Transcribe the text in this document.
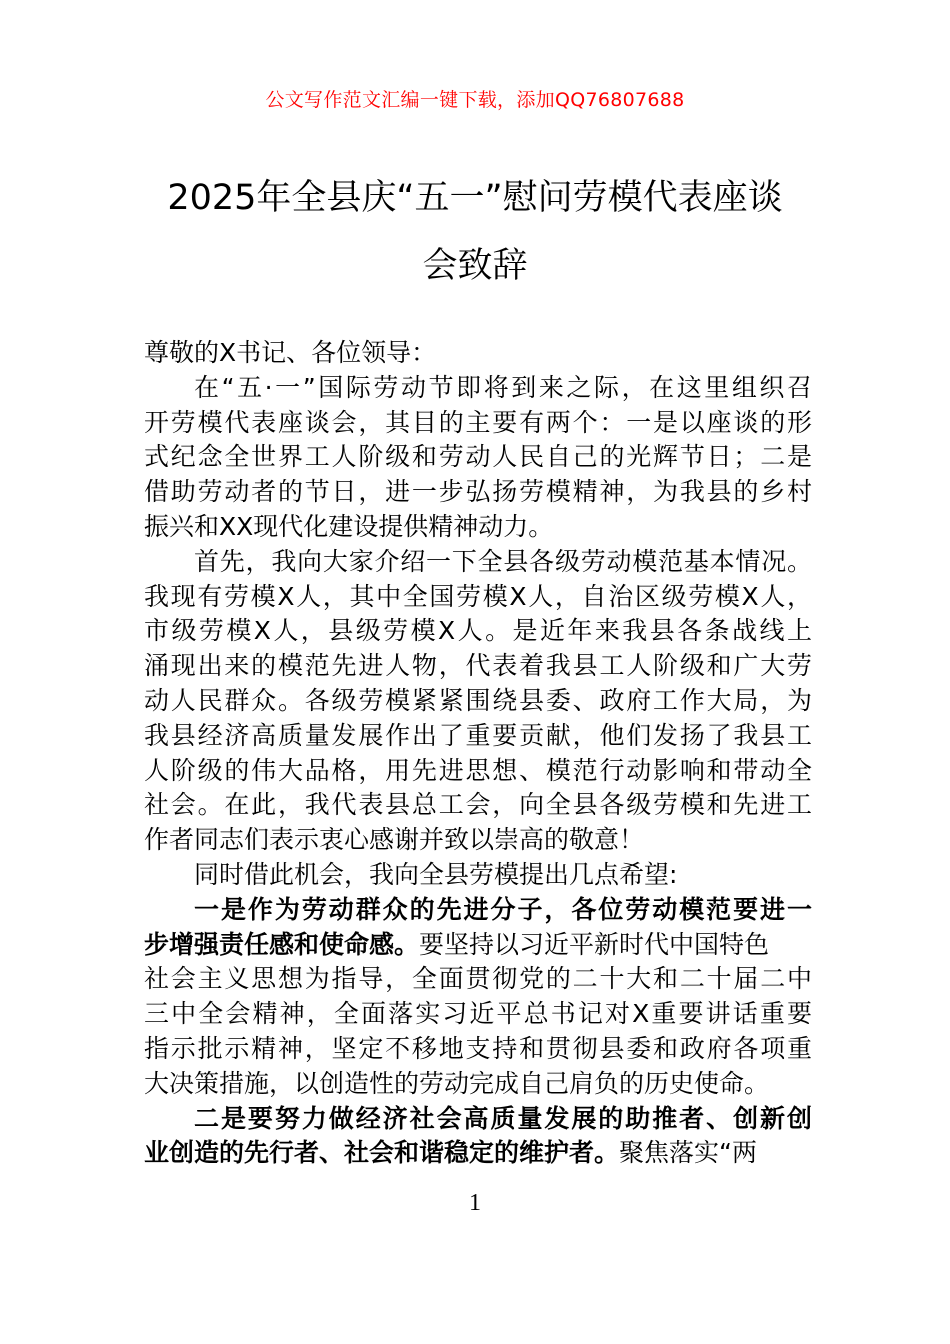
公文写作范文汇编一键下载，添加QQ76807688
2025年全县庆“五一”慰问劳模代表座谈
会致辞
尊敬的X书记、各位领导：
在“五·一”国际劳动节即将到来之际，在这里组织召
开劳模代表座谈会，其目的主要有两个：一是以座谈的形
式纪念全世界工人阶级和劳动人民自己的光辉节日；二是
借助劳动者的节日，进一步弘扬劳模精神，为我县的乡村
振兴和XX现代化建设提供精神动力。
首先，我向大家介绍一下全县各级劳动模范基本情况。
我现有劳模X人，其中全国劳模X人，自治区级劳模X人，
市级劳模X人，县级劳模X人。是近年来我县各条战线上
涌现出来的模范先进人物，代表着我县工人阶级和广大劳
动人民群众。各级劳模紧紧围绕县委、政府工作大局，为
我县经济高质量发展作出了重要贡献，他们发扬了我县工
人阶级的伟大品格，用先进思想、模范行动影响和带动全
社会。在此，我代表县总工会，向全县各级劳模和先进工
作者同志们表示衷心感谢并致以崇高的敬意！
同时借此机会，我向全县劳模提出几点希望:
一是作为劳动群众的先进分子，各位劳动模范要进一
步增强责任感和使命感。要坚持以习近平新时代中国特色
社会主义思想为指导，全面贯彻党的二十大和二十届二中
三中全会精神，全面落实习近平总书记对X重要讲话重要
指示批示精神，坚定不移地支持和贯彻县委和政府各项重
大决策措施，以创造性的劳动完成自己肩负的历史使命。
二是要努力做经济社会高质量发展的助推者、创新创
业创造的先行者、社会和谐稳定的维护者。聚焦落实“两
1
